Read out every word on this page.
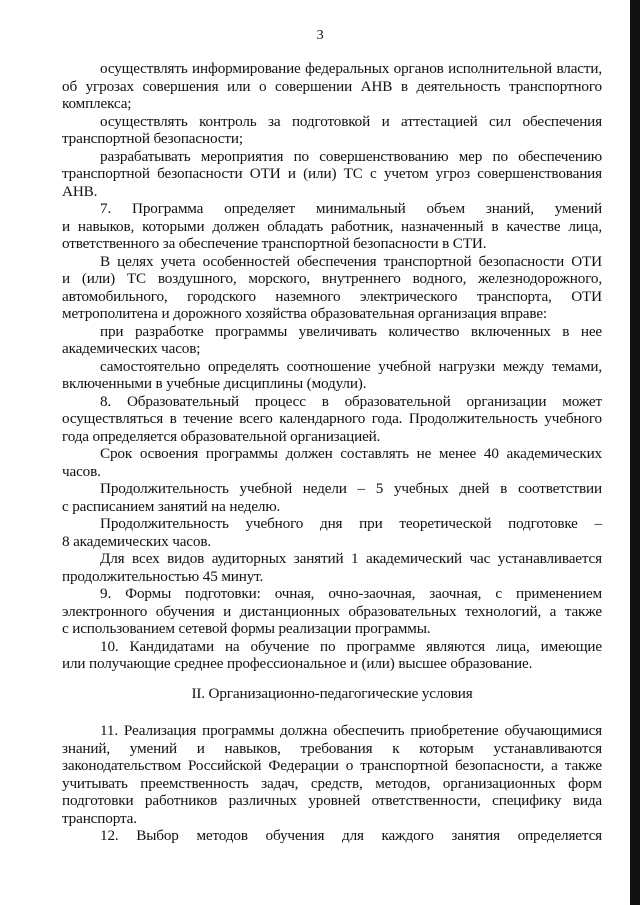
3
осуществлять информирование федеральных органов исполнительной власти,
об угрозах совершения или о совершении АНВ в деятельность транспортного
комплекса;
осуществлять контроль за подготовкой и аттестацией сил обеспечения
транспортной безопасности;
разрабатывать мероприятия по совершенствованию мер по обеспечению
транспортной безопасности ОТИ и (или) ТС с учетом угроз совершенствования
АНВ.
7. Программа определяет минимальный объем знаний, умений
и навыков, которыми должен обладать работник, назначенный в качестве лица,
ответственного за обеспечение транспортной безопасности в СТИ.
В целях учета особенностей обеспечения транспортной безопасности ОТИ
и (или) ТС воздушного, морского, внутреннего водного, железнодорожного,
автомобильного, городского наземного электрического транспорта, ОТИ
метрополитена и дорожного хозяйства образовательная организация вправе:
при разработке программы увеличивать количество включенных в нее
академических часов;
самостоятельно определять соотношение учебной нагрузки между темами,
включенными в учебные дисциплины (модули).
8. Образовательный процесс в образовательной организации может
осуществляться в течение всего календарного года. Продолжительность учебного
года определяется образовательной организацией.
Срок освоения программы должен составлять не менее 40 академических
часов.
Продолжительность учебной недели – 5 учебных дней в соответствии
с расписанием занятий на неделю.
Продолжительность учебного дня при теоретической подготовке –
8 академических часов.
Для всех видов аудиторных занятий 1 академический час устанавливается
продолжительностью 45 минут.
9. Формы подготовки: очная, очно-заочная, заочная, с применением
электронного обучения и дистанционных образовательных технологий, а также
с использованием сетевой формы реализации программы.
10. Кандидатами на обучение по программе являются лица, имеющие
или получающие среднее профессиональное и (или) высшее образование.
II. Организационно-педагогические условия
11. Реализация программы должна обеспечить приобретение обучающимися
знаний, умений и навыков, требования к которым устанавливаются
законодательством Российской Федерации о транспортной безопасности, а также
учитывать преемственность задач, средств, методов, организационных форм
подготовки работников различных уровней ответственности, специфику вида
транспорта.
12. Выбор методов обучения для каждого занятия определяется
